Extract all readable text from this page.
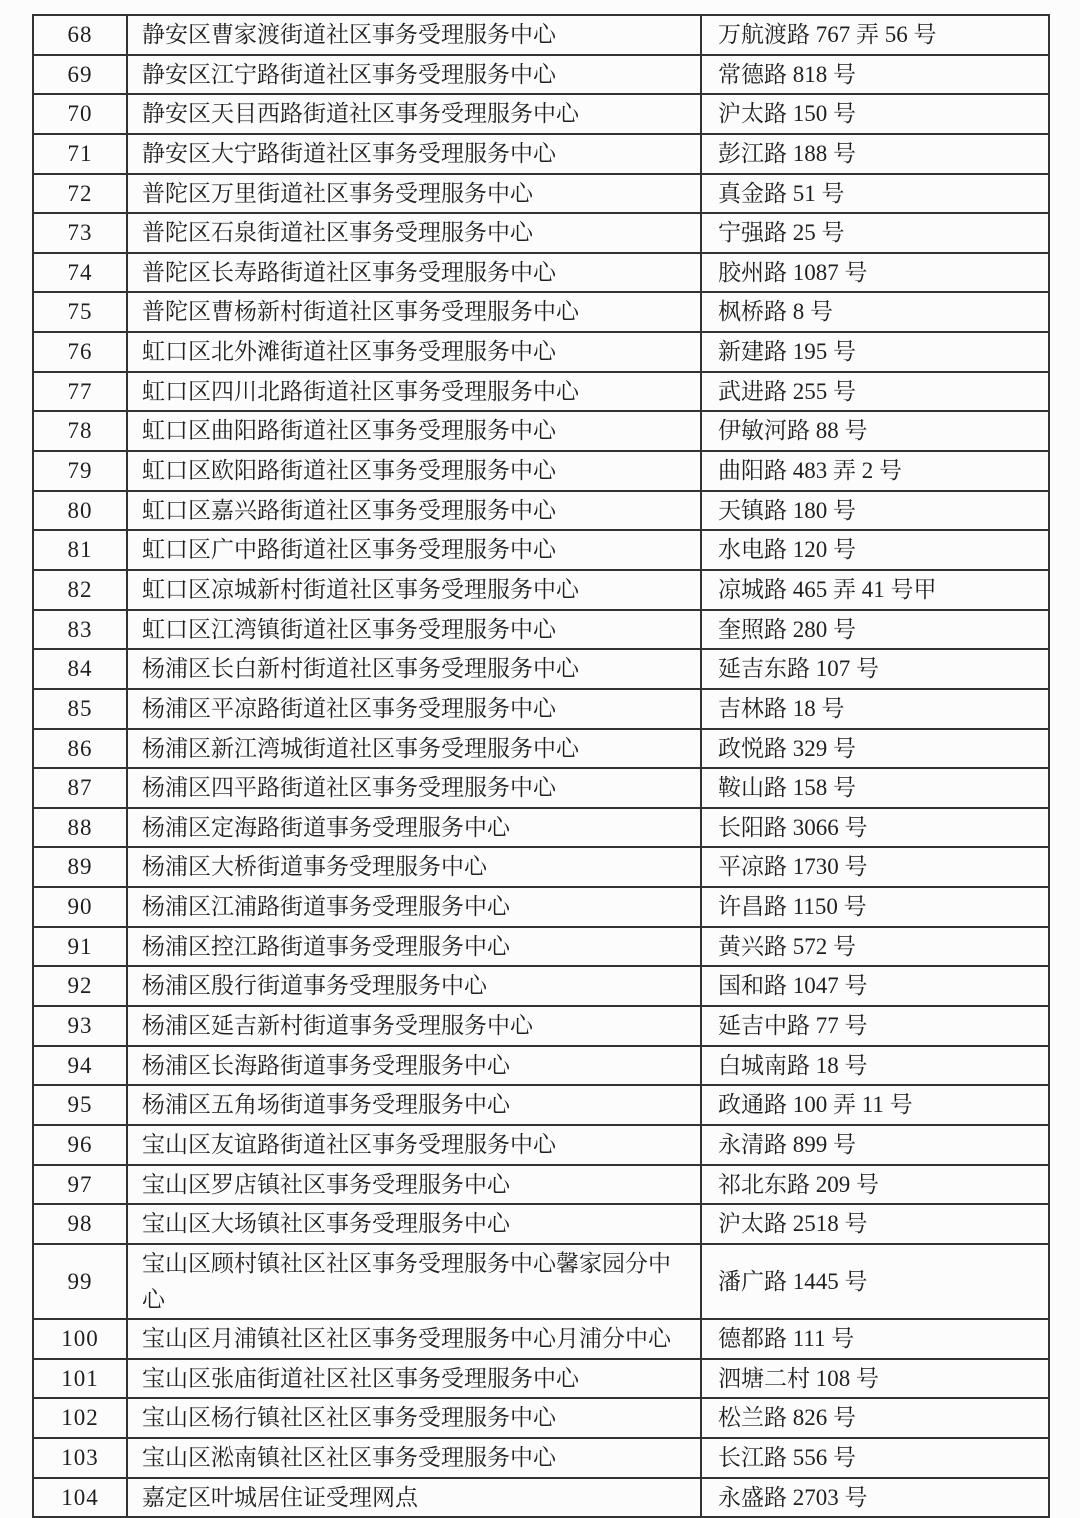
68	静安区曹家渡街道社区事务受理服务中心	万航渡路 767 弄 56 号
69	静安区江宁路街道社区事务受理服务中心	常德路 818 号
70	静安区天目西路街道社区事务受理服务中心	沪太路 150 号
71	静安区大宁路街道社区事务受理服务中心	彭江路 188 号
72	普陀区万里街道社区事务受理服务中心	真金路 51 号
73	普陀区石泉街道社区事务受理服务中心	宁强路 25 号
74	普陀区长寿路街道社区事务受理服务中心	胶州路 1087 号
75	普陀区曹杨新村街道社区事务受理服务中心	枫桥路 8 号
76	虹口区北外滩街道社区事务受理服务中心	新建路 195 号
77	虹口区四川北路街道社区事务受理服务中心	武进路 255 号
78	虹口区曲阳路街道社区事务受理服务中心	伊敏河路 88 号
79	虹口区欧阳路街道社区事务受理服务中心	曲阳路 483 弄 2 号
80	虹口区嘉兴路街道社区事务受理服务中心	天镇路 180 号
81	虹口区广中路街道社区事务受理服务中心	水电路 120 号
82	虹口区凉城新村街道社区事务受理服务中心	凉城路 465 弄 41 号甲
83	虹口区江湾镇街道社区事务受理服务中心	奎照路 280 号
84	杨浦区长白新村街道社区事务受理服务中心	延吉东路 107 号
85	杨浦区平凉路街道社区事务受理服务中心	吉林路 18 号
86	杨浦区新江湾城街道社区事务受理服务中心	政悦路 329 号
87	杨浦区四平路街道社区事务受理服务中心	鞍山路 158 号
88	杨浦区定海路街道事务受理服务中心	长阳路 3066 号
89	杨浦区大桥街道事务受理服务中心	平凉路 1730 号
90	杨浦区江浦路街道事务受理服务中心	许昌路 1150 号
91	杨浦区控江路街道事务受理服务中心	黄兴路 572 号
92	杨浦区殷行街道事务受理服务中心	国和路 1047 号
93	杨浦区延吉新村街道事务受理服务中心	延吉中路 77 号
94	杨浦区长海路街道事务受理服务中心	白城南路 18 号
95	杨浦区五角场街道事务受理服务中心	政通路 100 弄 11 号
96	宝山区友谊路街道社区事务受理服务中心	永清路 899 号
97	宝山区罗店镇社区事务受理服务中心	祁北东路 209 号
98	宝山区大场镇社区事务受理服务中心	沪太路 2518 号
99	宝山区顾村镇社区社区事务受理服务中心馨家园分中心	潘广路 1445 号
100	宝山区月浦镇社区社区事务受理服务中心月浦分中心	德都路 111 号
101	宝山区张庙街道社区社区事务受理服务中心	泗塘二村 108 号
102	宝山区杨行镇社区社区事务受理服务中心	松兰路 826 号
103	宝山区淞南镇社区社区事务受理服务中心	长江路 556 号
104	嘉定区叶城居住证受理网点	永盛路 2703 号
